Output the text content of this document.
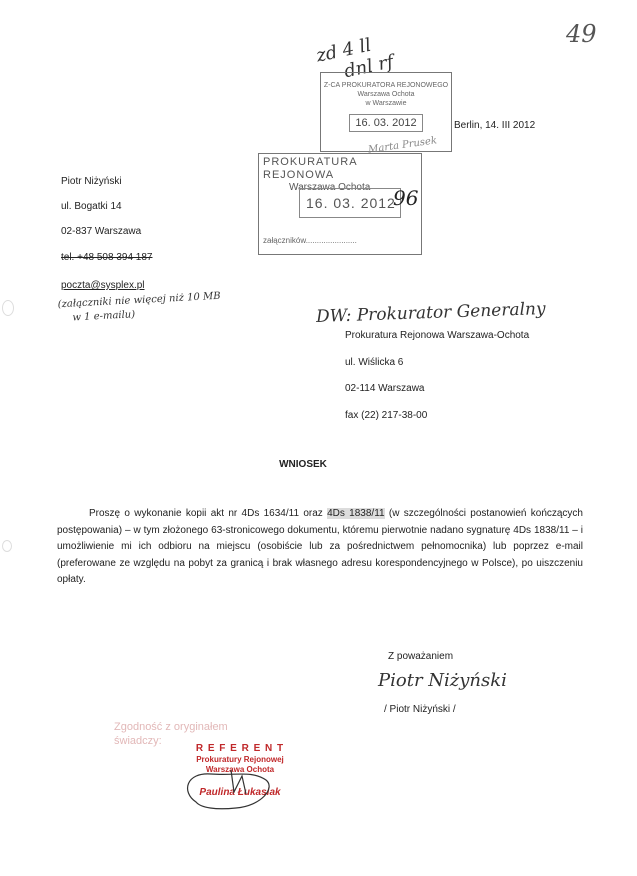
49
zd 4 ll
dnl rf
Z-CA PROKURATORA REJONOWEGO
Warszawa Ochota
w Warszawie
16. 03. 2012
Marta Prusek
Berlin, 14. III 2012
PROKURATURA REJONOWA
Warszawa Ochota
16. 03. 2012
96
załączników.......................
Piotr Niżyński
ul. Bogatki 14
02-837 Warszawa
tel. +48 508 394 187
poczta@sysplex.pl
(załączniki nie więcej niż 10 MB
w 1 e-mailu)	DW: Prokurator Generalny
Prokuratura Rejonowa Warszawa-Ochota
ul. Wiślicka 6
02-114 Warszawa
fax (22) 217-38-00
WNIOSEK
Proszę o wykonanie kopii akt nr 4Ds 1634/11 oraz 4Ds 1838/11 (w szczególności postanowień kończących postępowania) – w tym złożonego 63-stronicowego dokumentu, któremu pierwotnie nadano sygnaturę 4Ds 1838/11 – i umożliwienie mi ich odbioru na miejscu (osobiście lub za pośrednictwem pełnomocnika) lub poprzez e-mail (preferowane ze względu na pobyt za granicą i brak własnego adresu korespondencyjnego w Polsce), po uiszczeniu opłaty.
Z poważaniem
Piotr Niżyński
/ Piotr Niżyński /
Zgodność z oryginałem
świadczy:
R E F E R E N T
Prokuratury Rejonowej
Warszawa Ochota
Paulina Łukasiak
